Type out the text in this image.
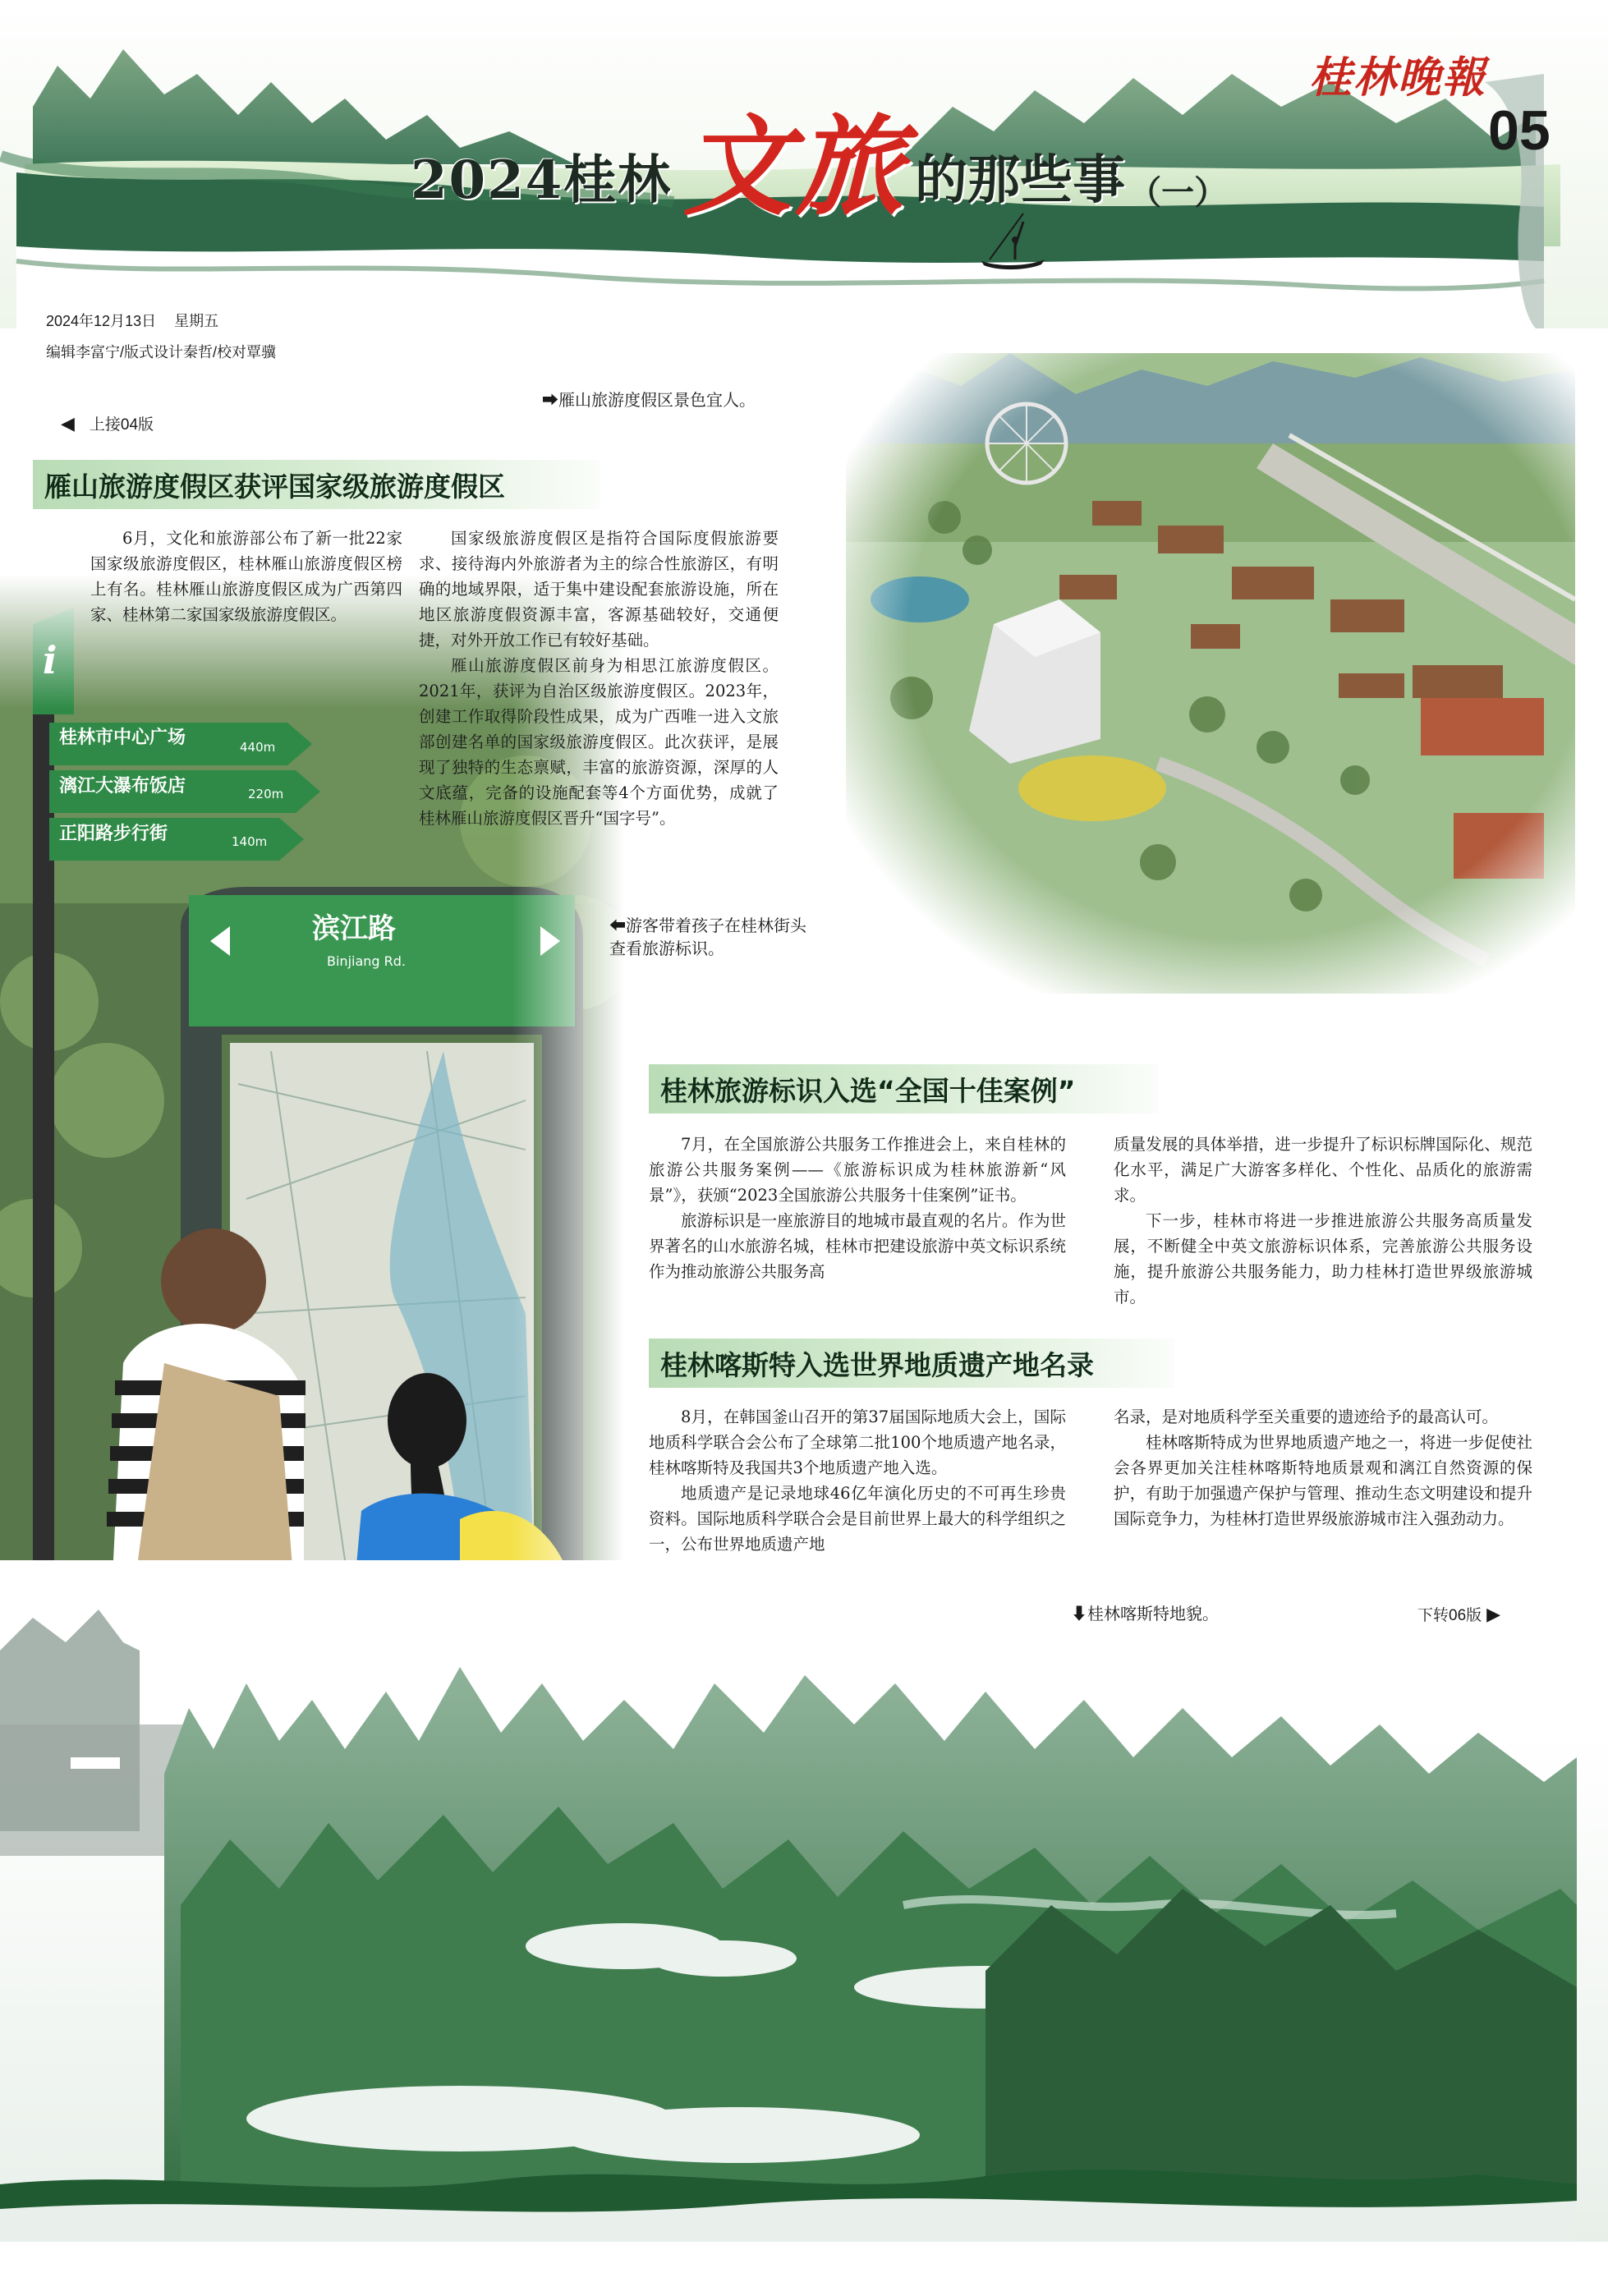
2024桂林 文旅 的那些事 （一）
桂林晚報
05
2024年12月13日 星期五
编辑李富宁/版式设计秦哲/校对覃骥
◀ 上接04版
➡雁山旅游度假区景色宜人。
⬅游客带着孩子在桂林街头查看旅游标识。
⬇桂林喀斯特地貌。	下转06版 ▶
雁山旅游度假区获评国家级旅游度假区

6月，文化和旅游部公布了新一批22家国家级旅游度假区，桂林雁山旅游度假区榜上有名。桂林雁山旅游度假区成为广西第四家、桂林第二家国家级旅游度假区。

国家级旅游度假区是指符合国际度假旅游要求、接待海内外旅游者为主的综合性旅游区，有明确的地域界限，适于集中建设配套旅游设施，所在地区旅游度假资源丰富，客源基础较好，交通便捷，对外开放工作已有较好基础。

雁山旅游度假区前身为相思江旅游度假区。2021年，获评为自治区级旅游度假区。2023年，创建工作取得阶段性成果，成为广西唯一进入文旅部创建名单的国家级旅游度假区。此次获评，是展现了独特的生态禀赋，丰富的旅游资源，深厚的人文底蕴，完备的设施配套等4个方面优势，成就了桂林雁山旅游度假区晋升“国字号”。

桂林旅游标识入选“全国十佳案例”

7月，在全国旅游公共服务工作推进会上，来自桂林的旅游公共服务案例——《旅游标识成为桂林旅游新“风景”》，获颁“2023全国旅游公共服务十佳案例”证书。

旅游标识是一座旅游目的地城市最直观的名片。作为世界著名的山水旅游名城，桂林市把建设旅游中英文标识系统作为推动旅游公共服务高

质量发展的具体举措，进一步提升了标识标牌国际化、规范化水平，满足广大游客多样化、个性化、品质化的旅游需求。

下一步，桂林市将进一步推进旅游公共服务高质量发展，不断健全中英文旅游标识体系，完善旅游公共服务设施，提升旅游公共服务能力，助力桂林打造世界级旅游城市。

桂林喀斯特入选世界地质遗产地名录

8月，在韩国釜山召开的第37届国际地质大会上，国际地质科学联合会公布了全球第二批100个地质遗产地名录，桂林喀斯特及我国共3个地质遗产地入选。

地质遗产是记录地球46亿年演化历史的不可再生珍贵资料。国际地质科学联合会是目前世界上最大的科学组织之一，公布世界地质遗产地

名录，是对地质科学至关重要的遗迹给予的最高认可。

桂林喀斯特成为世界地质遗产地之一，将进一步促使社会各界更加关注桂林喀斯特地质景观和漓江自然资源的保护，有助于加强遗产保护与管理、推动生态文明建设和提升国际竞争力，为桂林打造世界级旅游城市注入强劲动力。
